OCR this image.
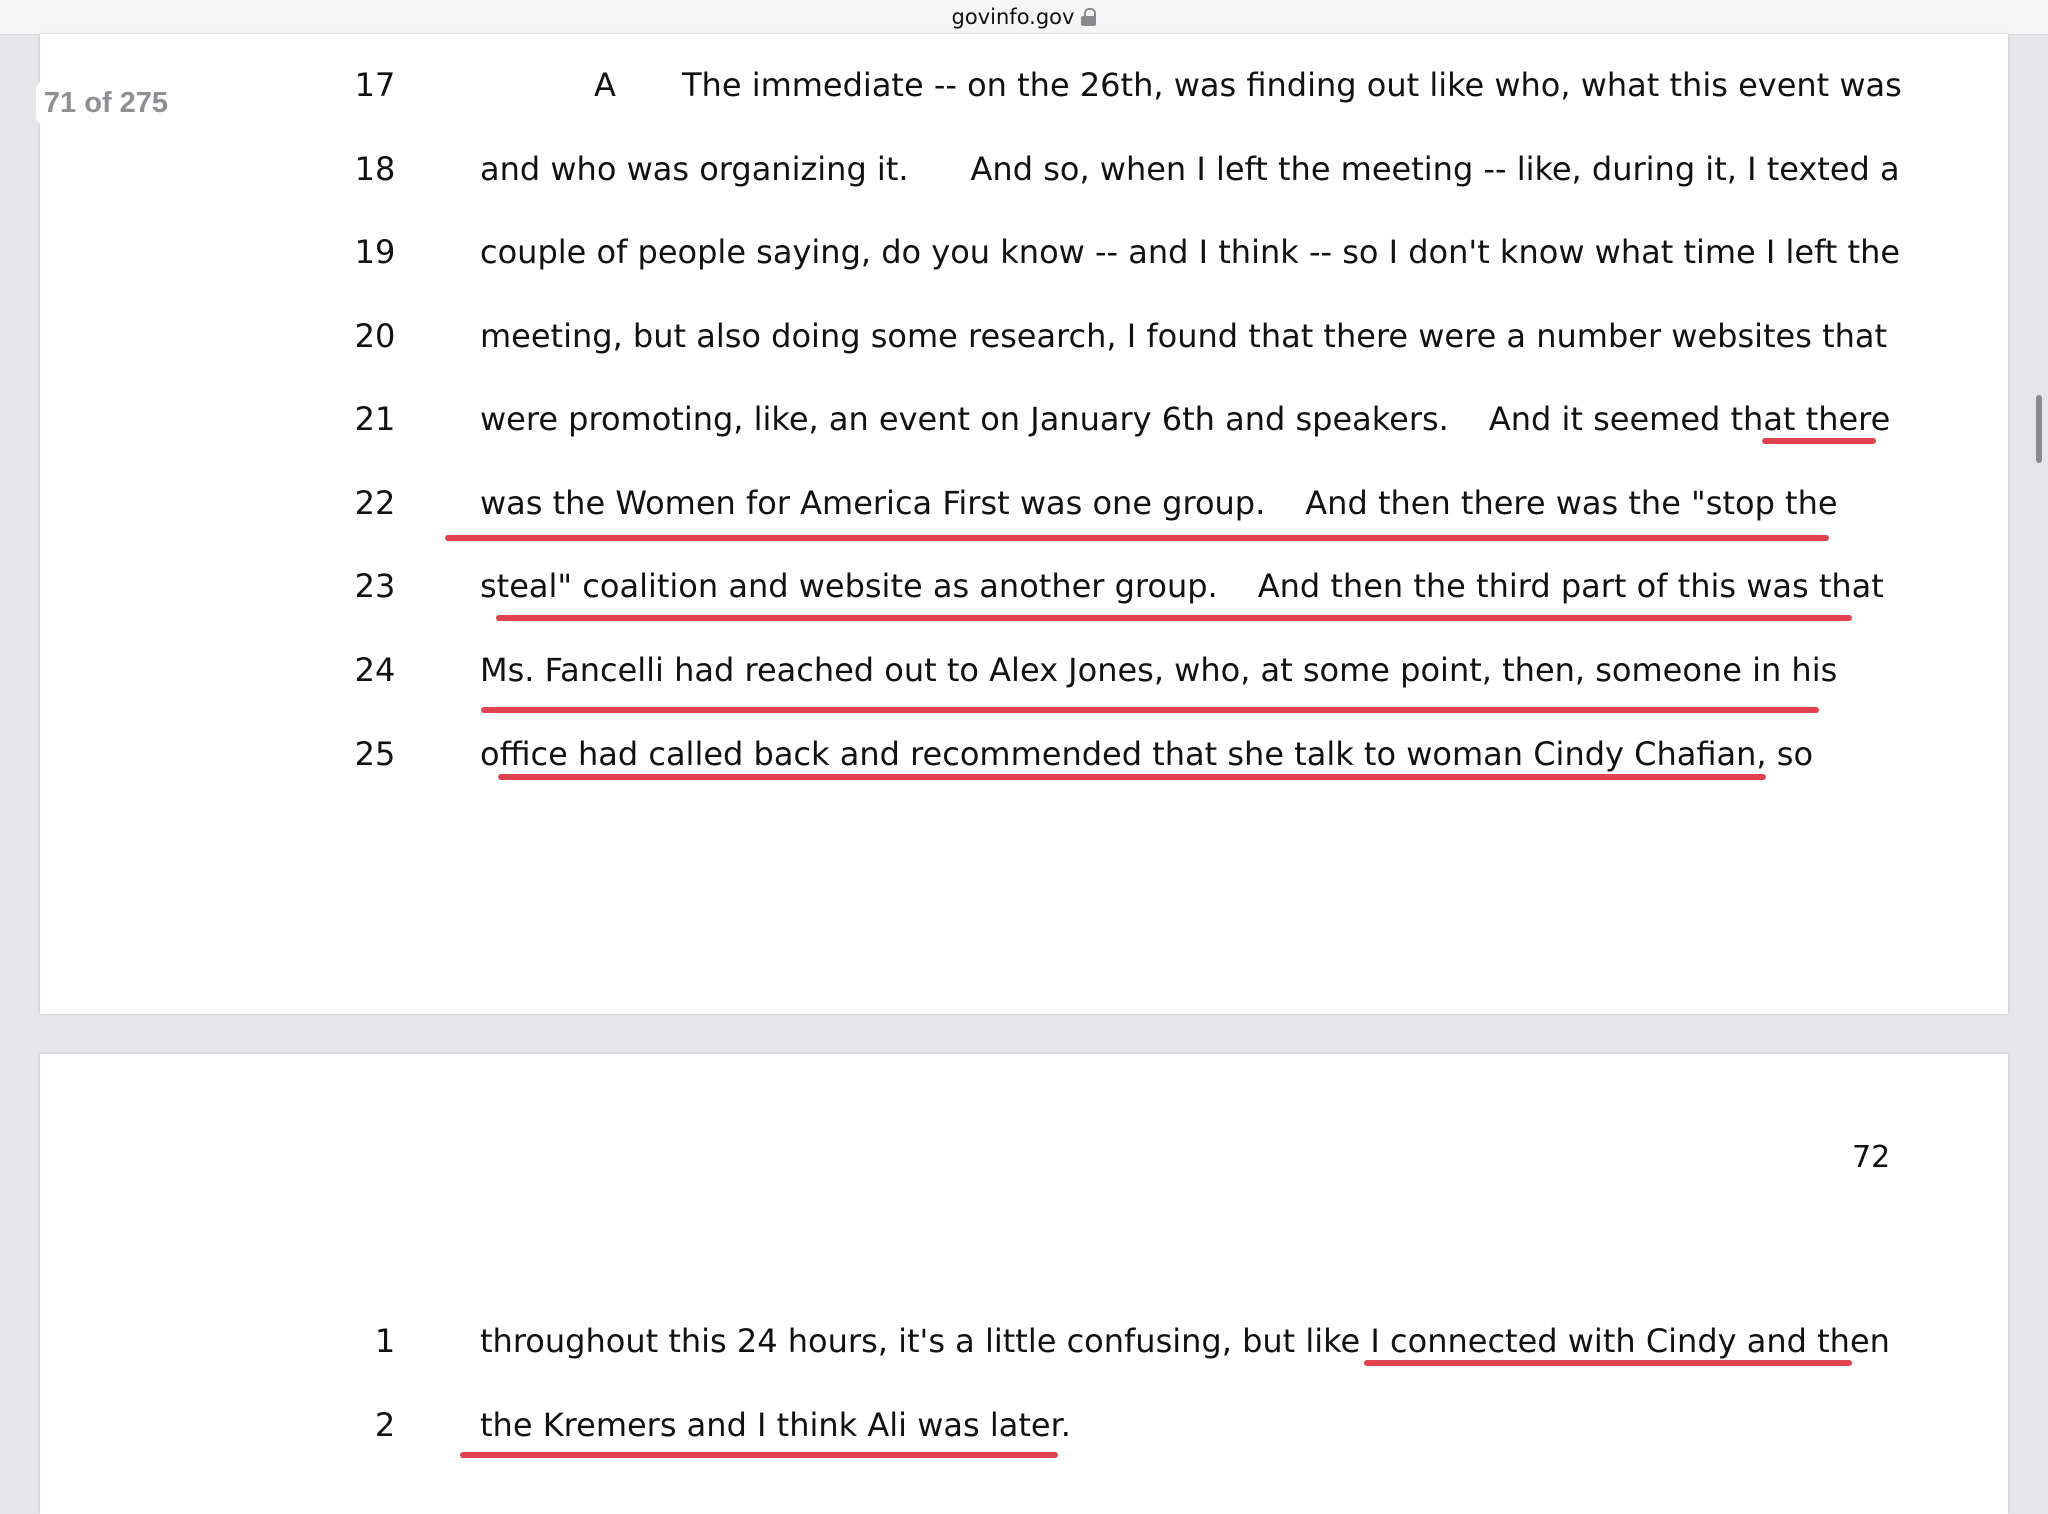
govinfo.gov
71 of 275	17	A The immediate -- on the 26th, was finding out like who, what this event was
18	and who was organizing it. And so, when I left the meeting -- like, during it, I texted a
19	couple of people saying, do you know -- and I think -- so I don't know what time I left the
20	meeting, but also doing some research, I found that there were a number websites that
21	were promoting, like, an event on January 6th and speakers. And it seemed that there
22	was the Women for America First was one group. And then there was the "stop the
23	steal" coalition and website as another group. And then the third part of this was that
24	Ms. Fancelli had reached out to Alex Jones, who, at some point, then, someone in his
25	office had called back and recommended that she talk to woman Cindy Chafian, so
72
1	throughout this 24 hours, it's a little confusing, but like I connected with Cindy and then
2	the Kremers and I think Ali was later.
